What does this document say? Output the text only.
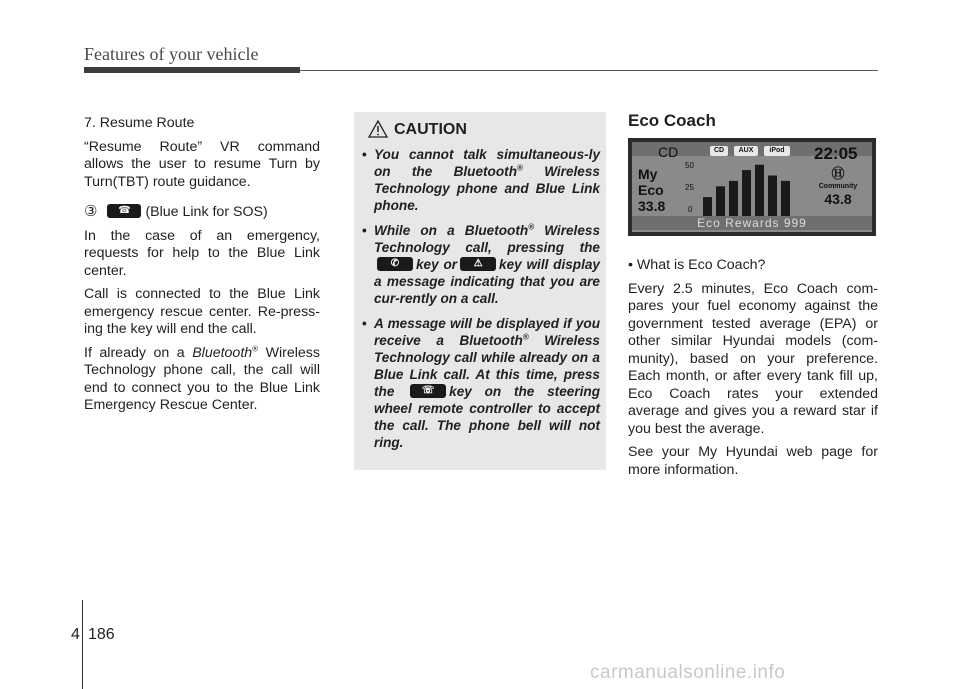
Features of your vehicle

7. Resume Route

“Resume Route” VR command allows the user to resume Turn by Turn(TBT) route guidance.

③	☎	(Blue Link for SOS)

In the case of an emergency, requests for help to the Blue Link center.

Call is connected to the Blue Link emergency rescue center. Re-press-ing the key will end the call.

If already on a Bluetooth® Wireless Technology phone call, the call will end to connect you to the Blue Link Emergency Rescue Center.

CAUTION
• You cannot talk simultaneous-ly on the Bluetooth® Wireless Technology phone and Blue Link phone.
• While on a Bluetooth® Wireless Technology call, pressing the
✆	key or	⚠	key will display a message indicating that you are cur-rently on a call.
• A message will be displayed if you receive a Bluetooth® Wireless Technology call while already on a Blue Link call. At this time, press the	☏	key on the steering wheel remote controller to accept the call. The phone bell will not ring.

Eco Coach

CD	CD	AUX	iPod	22:05
My
Eco
33.8
50
25
0
Ⓗ
Community
43.8
Eco Rewards 999

• What is Eco Coach?

Every 2.5 minutes, Eco Coach com-pares your fuel economy against the government tested average (EPA) or other similar Hyundai models (com-munity), based on your preference. Each month, or after every tank fill up, Eco Coach rates your extended average and gives you a reward star if you best the average.

See your My Hyundai web page for more information.

4 186
carmanualsonline.info
